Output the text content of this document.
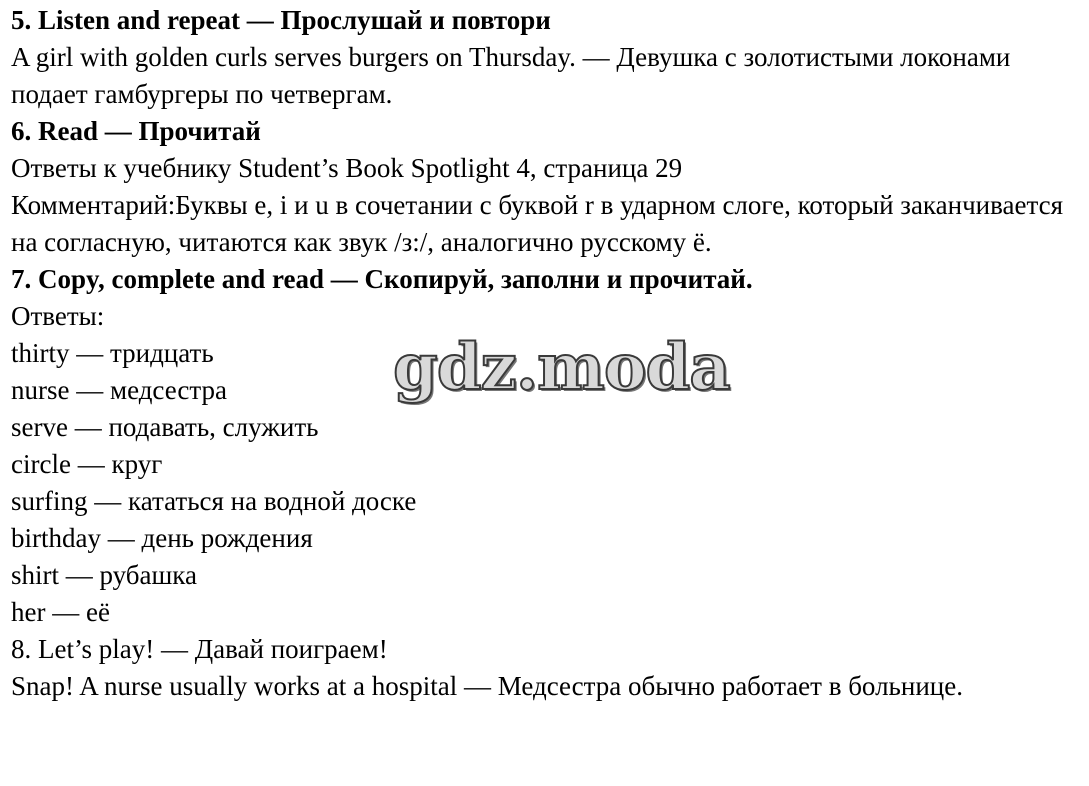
5. Listen and repeat — Прослушай и повтори
A girl with golden curls serves burgers on Thursday. — Девушка с золотистыми локонами подает гамбургеры по четвергам.
6. Read — Прочитай
Ответы к учебнику Student’s Book Spotlight 4, страница 29
Комментарий:Буквы e, i и u в сочетании с буквой r в ударном слоге, который заканчивается на согласную, читаются как звук /з:/, аналогично русскому ё.
7. Copy, complete and read — Скопируй, заполни и прочитай.
Ответы:
thirty — тридцать
nurse — медсестра
serve — подавать, служить
circle — круг
surfing — кататься на водной доске
birthday — день рождения
shirt — рубашка
her — её
8. Let’s play! — Давай поиграем!
Snap! A nurse usually works at a hospital — Медсестра обычно работает в больнице.
gdz.moda
